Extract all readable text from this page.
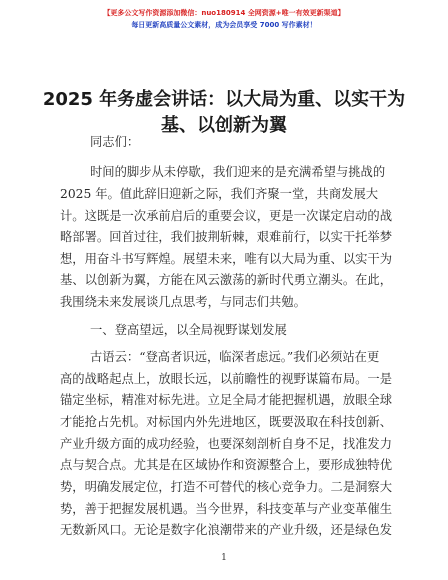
【更多公文写作资源添加微信：nuo180914 全网资源+唯一有效更新渠道】
每日更新高质量公文素材，成为会员享受 7000 写作素材！
2025 年务虚会讲话：以大局为重、以实干为
基、以创新为翼
同志们：
时间的脚步从未停歇，我们迎来的是充满希望与挑战的
2025 年。值此辞旧迎新之际，我们齐聚一堂，共商发展大
计。这既是一次承前启后的重要会议，更是一次谋定启动的战
略部署。回首过往，我们披荆斩棘，艰难前行，以实干托举梦
想，用奋斗书写辉煌。展望未来，唯有以大局为重、以实干为
基、以创新为翼，方能在风云激荡的新时代勇立潮头。在此，
我围绕未来发展谈几点思考，与同志们共勉。
一、登高望远，以全局视野谋划发展
古语云：“登高者识远，临深者虑远。”我们必须站在更
高的战略起点上，放眼长远，以前瞻性的视野谋篇布局。一是
锚定坐标，精准对标先进。立足全局才能把握机遇，放眼全球
才能抢占先机。对标国内外先进地区，既要汲取在科技创新、
产业升级方面的成功经验，也要深刻剖析自身不足，找准发力
点与契合点。尤其是在区域协作和资源整合上，要形成独特优
势，明确发展定位，打造不可替代的核心竞争力。二是洞察大
势，善于把握发展机遇。当今世界，科技变革与产业变革催生
无数新风口。无论是数字化浪潮带来的产业升级，还是绿色发
1
